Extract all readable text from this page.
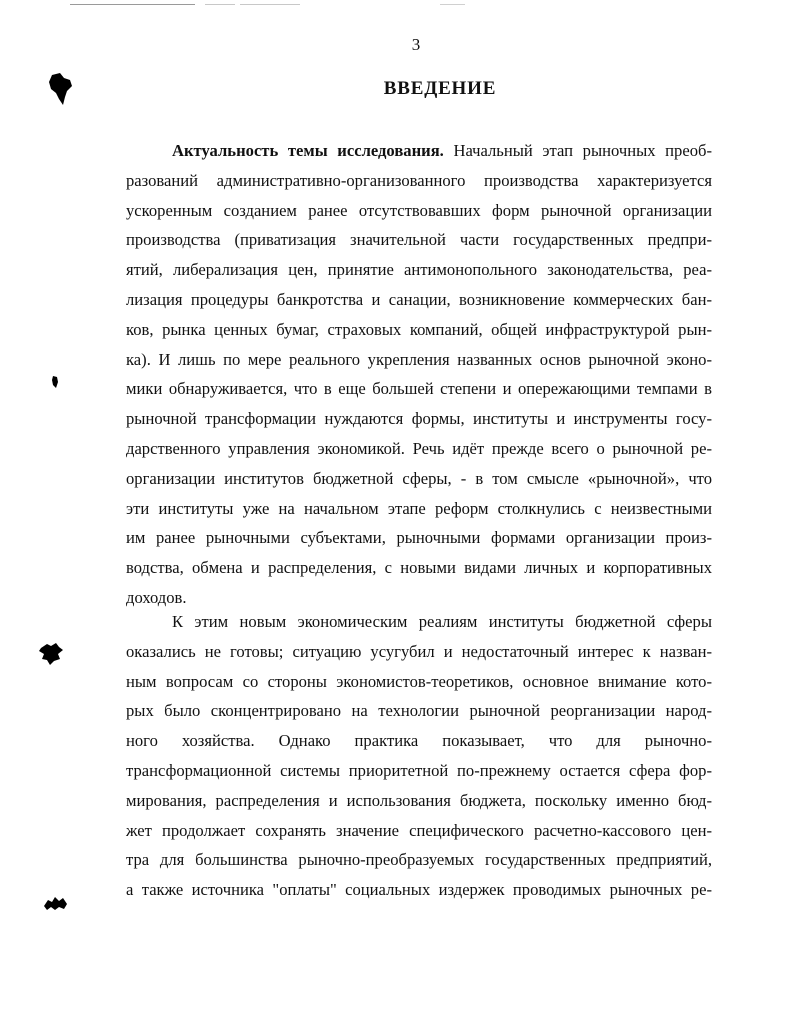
3
ВВЕДЕНИЕ
Актуальность темы исследования. Начальный этап рыночных преоб-
разований административно-организованного производства характеризуется
ускоренным созданием ранее отсутствовавших форм рыночной организации
производства (приватизация значительной части государственных предпри-
ятий, либерализация цен, принятие антимонопольного законодательства, реа-
лизация процедуры банкротства и санации, возникновение коммерческих бан-
ков, рынка ценных бумаг, страховых компаний, общей инфраструктурой рын-
ка). И лишь по мере реального укрепления названных основ рыночной эконо-
мики обнаруживается, что в еще большей степени и опережающими темпами в
рыночной трансформации нуждаются формы, институты и инструменты госу-
дарственного управления экономикой. Речь идёт прежде всего о рыночной ре-
организации институтов бюджетной сферы, - в том смысле «рыночной», что
эти институты уже на начальном этапе реформ столкнулись с неизвестными
им ранее рыночными субъектами, рыночными формами организации произ-
водства, обмена и распределения, с новыми видами личных и корпоративных
доходов.
К этим новым экономическим реалиям институты бюджетной сферы
оказались не готовы; ситуацию усугубил и недостаточный интерес к назван-
ным вопросам со стороны экономистов-теоретиков, основное внимание кото-
рых было сконцентрировано на технологии рыночной реорганизации народ-
ного хозяйства. Однако практика показывает, что для рыночно-
трансформационной системы приоритетной по-прежнему остается сфера фор-
мирования, распределения и использования бюджета, поскольку именно бюд-
жет продолжает сохранять значение специфического расчетно-кассового цен-
тра для большинства рыночно-преобразуемых государственных предприятий,
а также источника "оплаты" социальных издержек проводимых рыночных ре-
